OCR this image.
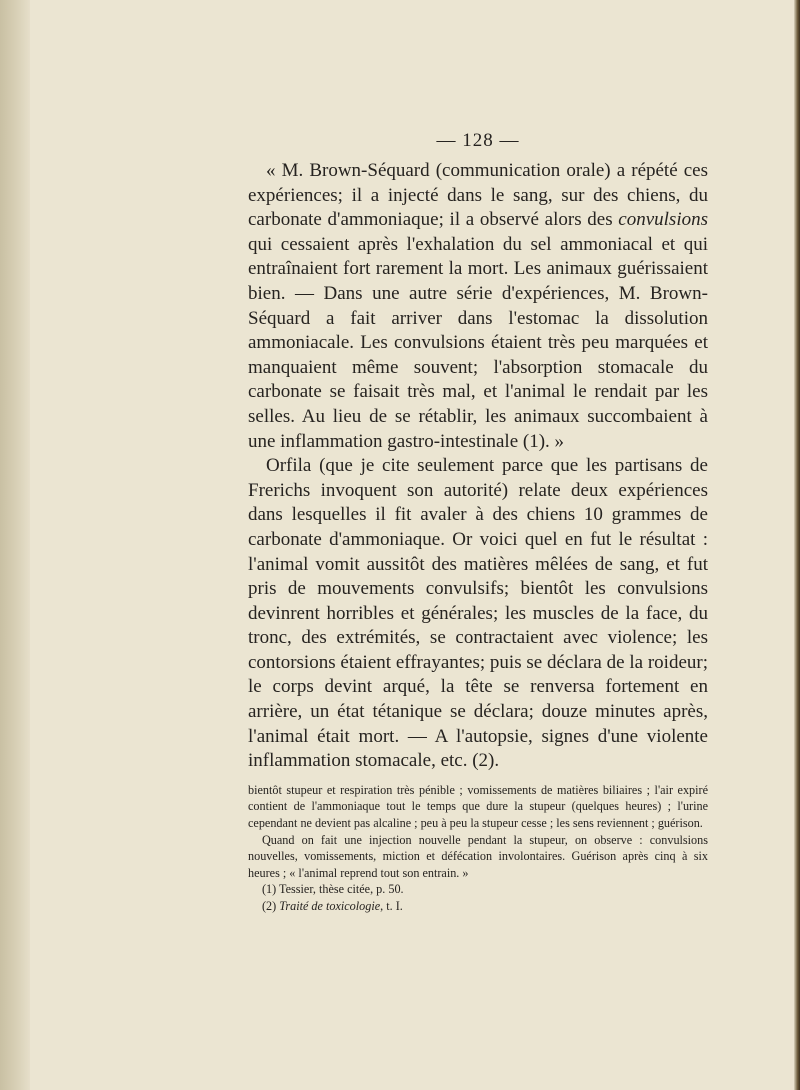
— 128 —

« M. Brown-Séquard (communication orale) a répété ces expériences; il a injecté dans le sang, sur des chiens, du carbonate d'ammoniaque; il a observé alors des convulsions qui cessaient après l'exhalation du sel ammoniacal et qui entraînaient fort rarement la mort. Les animaux guérissaient bien. — Dans une autre série d'expériences, M. Brown-Séquard a fait arriver dans l'estomac la dissolution ammoniacale. Les convulsions étaient très peu marquées et manquaient même souvent; l'absorption stomacale du carbonate se faisait très mal, et l'animal le rendait par les selles. Au lieu de se rétablir, les animaux succombaient à une inflammation gastro-intestinale (1). »

Orfila (que je cite seulement parce que les partisans de Frerichs invoquent son autorité) relate deux expériences dans lesquelles il fit avaler à des chiens 10 grammes de carbonate d'ammoniaque. Or voici quel en fut le résultat : l'animal vomit aussitôt des matières mêlées de sang, et fut pris de mouvements convulsifs; bientôt les convulsions devinrent horribles et générales; les muscles de la face, du tronc, des extrémités, se contractaient avec violence; les contorsions étaient effrayantes; puis se déclara de la roideur; le corps devint arqué, la tête se renversa fortement en arrière, un état tétanique se déclara; douze minutes après, l'animal était mort. — A l'autopsie, signes d'une violente inflammation stomacale, etc. (2).

bientôt stupeur et respiration très pénible ; vomissements de matières biliaires ; l'air expiré contient de l'ammoniaque tout le temps que dure la stupeur (quelques heures) ; l'urine cependant ne devient pas alcaline ; peu à peu la stupeur cesse ; les sens reviennent ; guérison.

Quand on fait une injection nouvelle pendant la stupeur, on observe : convulsions nouvelles, vomissements, miction et défécation involontaires. Guérison après cinq à six heures ; « l'animal reprend tout son entrain. »

(1) Tessier, thèse citée, p. 50.

(2) Traité de toxicologie, t. I.
